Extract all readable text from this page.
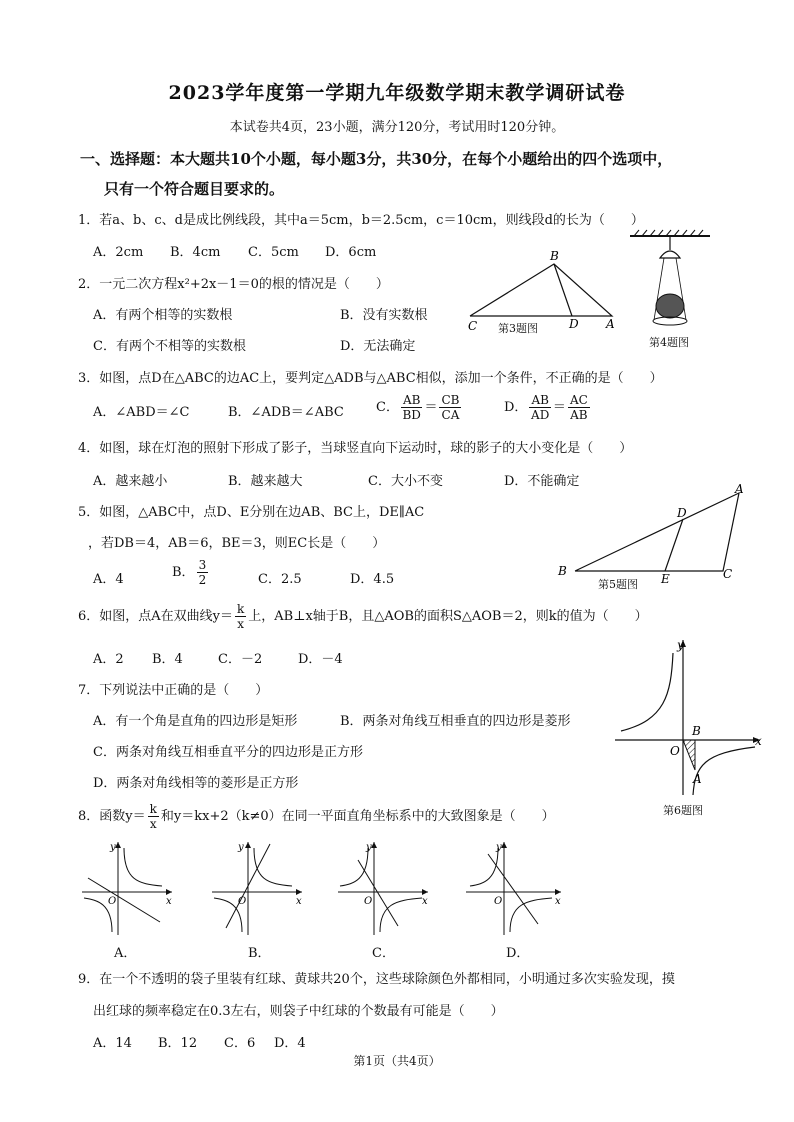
2023学年度第一学期九年级数学期末教学调研试卷
本试卷共4页，23小题，满分120分，考试用时120分钟。
一、选择题：本大题共10个小题，每小题3分，共30分，在每个小题给出的四个选项中，
只有一个符合题目要求的。
1．若a、b、c、d是成比例线段，其中a＝5cm，b＝2.5cm，c＝10cm，则线段d的长为（　　）
A．2cm B．4cm C．5cm D．6cm
2．一元二次方程x²+2x－1＝0的根的情况是（　　）
A．有两个相等的实数根	B．没有实数根
C．有两个不相等的实数根	D．无法确定
B
C	D A
第3题图
第4题图
3．如图，点D在△ABC的边AC上，要判定△ADB与△ABC相似，添加一个条件，不正确的是（　　）
A．∠ABD＝∠C	B．∠ADB＝∠ABC C． $\frac{AB}{BD} = \frac{CB}{CA}$	D． $\frac{AB}{AD} = \frac{AC}{AB}$
4．如图，球在灯泡的照射下形成了影子，当球竖直向下运动时，球的影子的大小变化是（　　）
A．越来越小	B．越来越大	C．大小不变	D．不能确定
5．如图，△ABC中，点D、E分别在边AB、BC上，DE∥AC
，若DB＝4，AB＝6，BE＝3，则EC长是（　　）
A．4	B． $\frac{3}{2}$	C．2.5	D．4.5
A
B	C
D
E
第5题图
6．如图，点A在双曲线$y= \frac{k}{x}$ 上，AB⊥x轴于B，且△AOB的面积S△AOB＝2，则k的值为（　　）
A．2 B．4	C．－2	D．－4
y
x
O
B
A
第6题图
7．下列说法中正确的是（　　）
A．有一个角是直角的四边形是矩形	B．两条对角线互相垂直的四边形是菱形
C．两条对角线互相垂直平分的四边形是正方形
D．两条对角线相等的菱形是正方形
8．函数$y= \frac{k}{x}$ 和y＝kx+2（k≠0）在同一平面直角坐标系中的大致图象是（　　）
y
x
O
A．
y
x
O
B．
y
x
O
C．
y
x
O
D．
9．在一个不透明的袋子里装有红球、黄球共20个，这些球除颜色外都相同，小明通过多次实验发现，摸
出红球的频率稳定在0.3左右，则袋子中红球的个数最有可能是（　　）
A．14 B．12 C．6 D．4
第1页（共4页）
